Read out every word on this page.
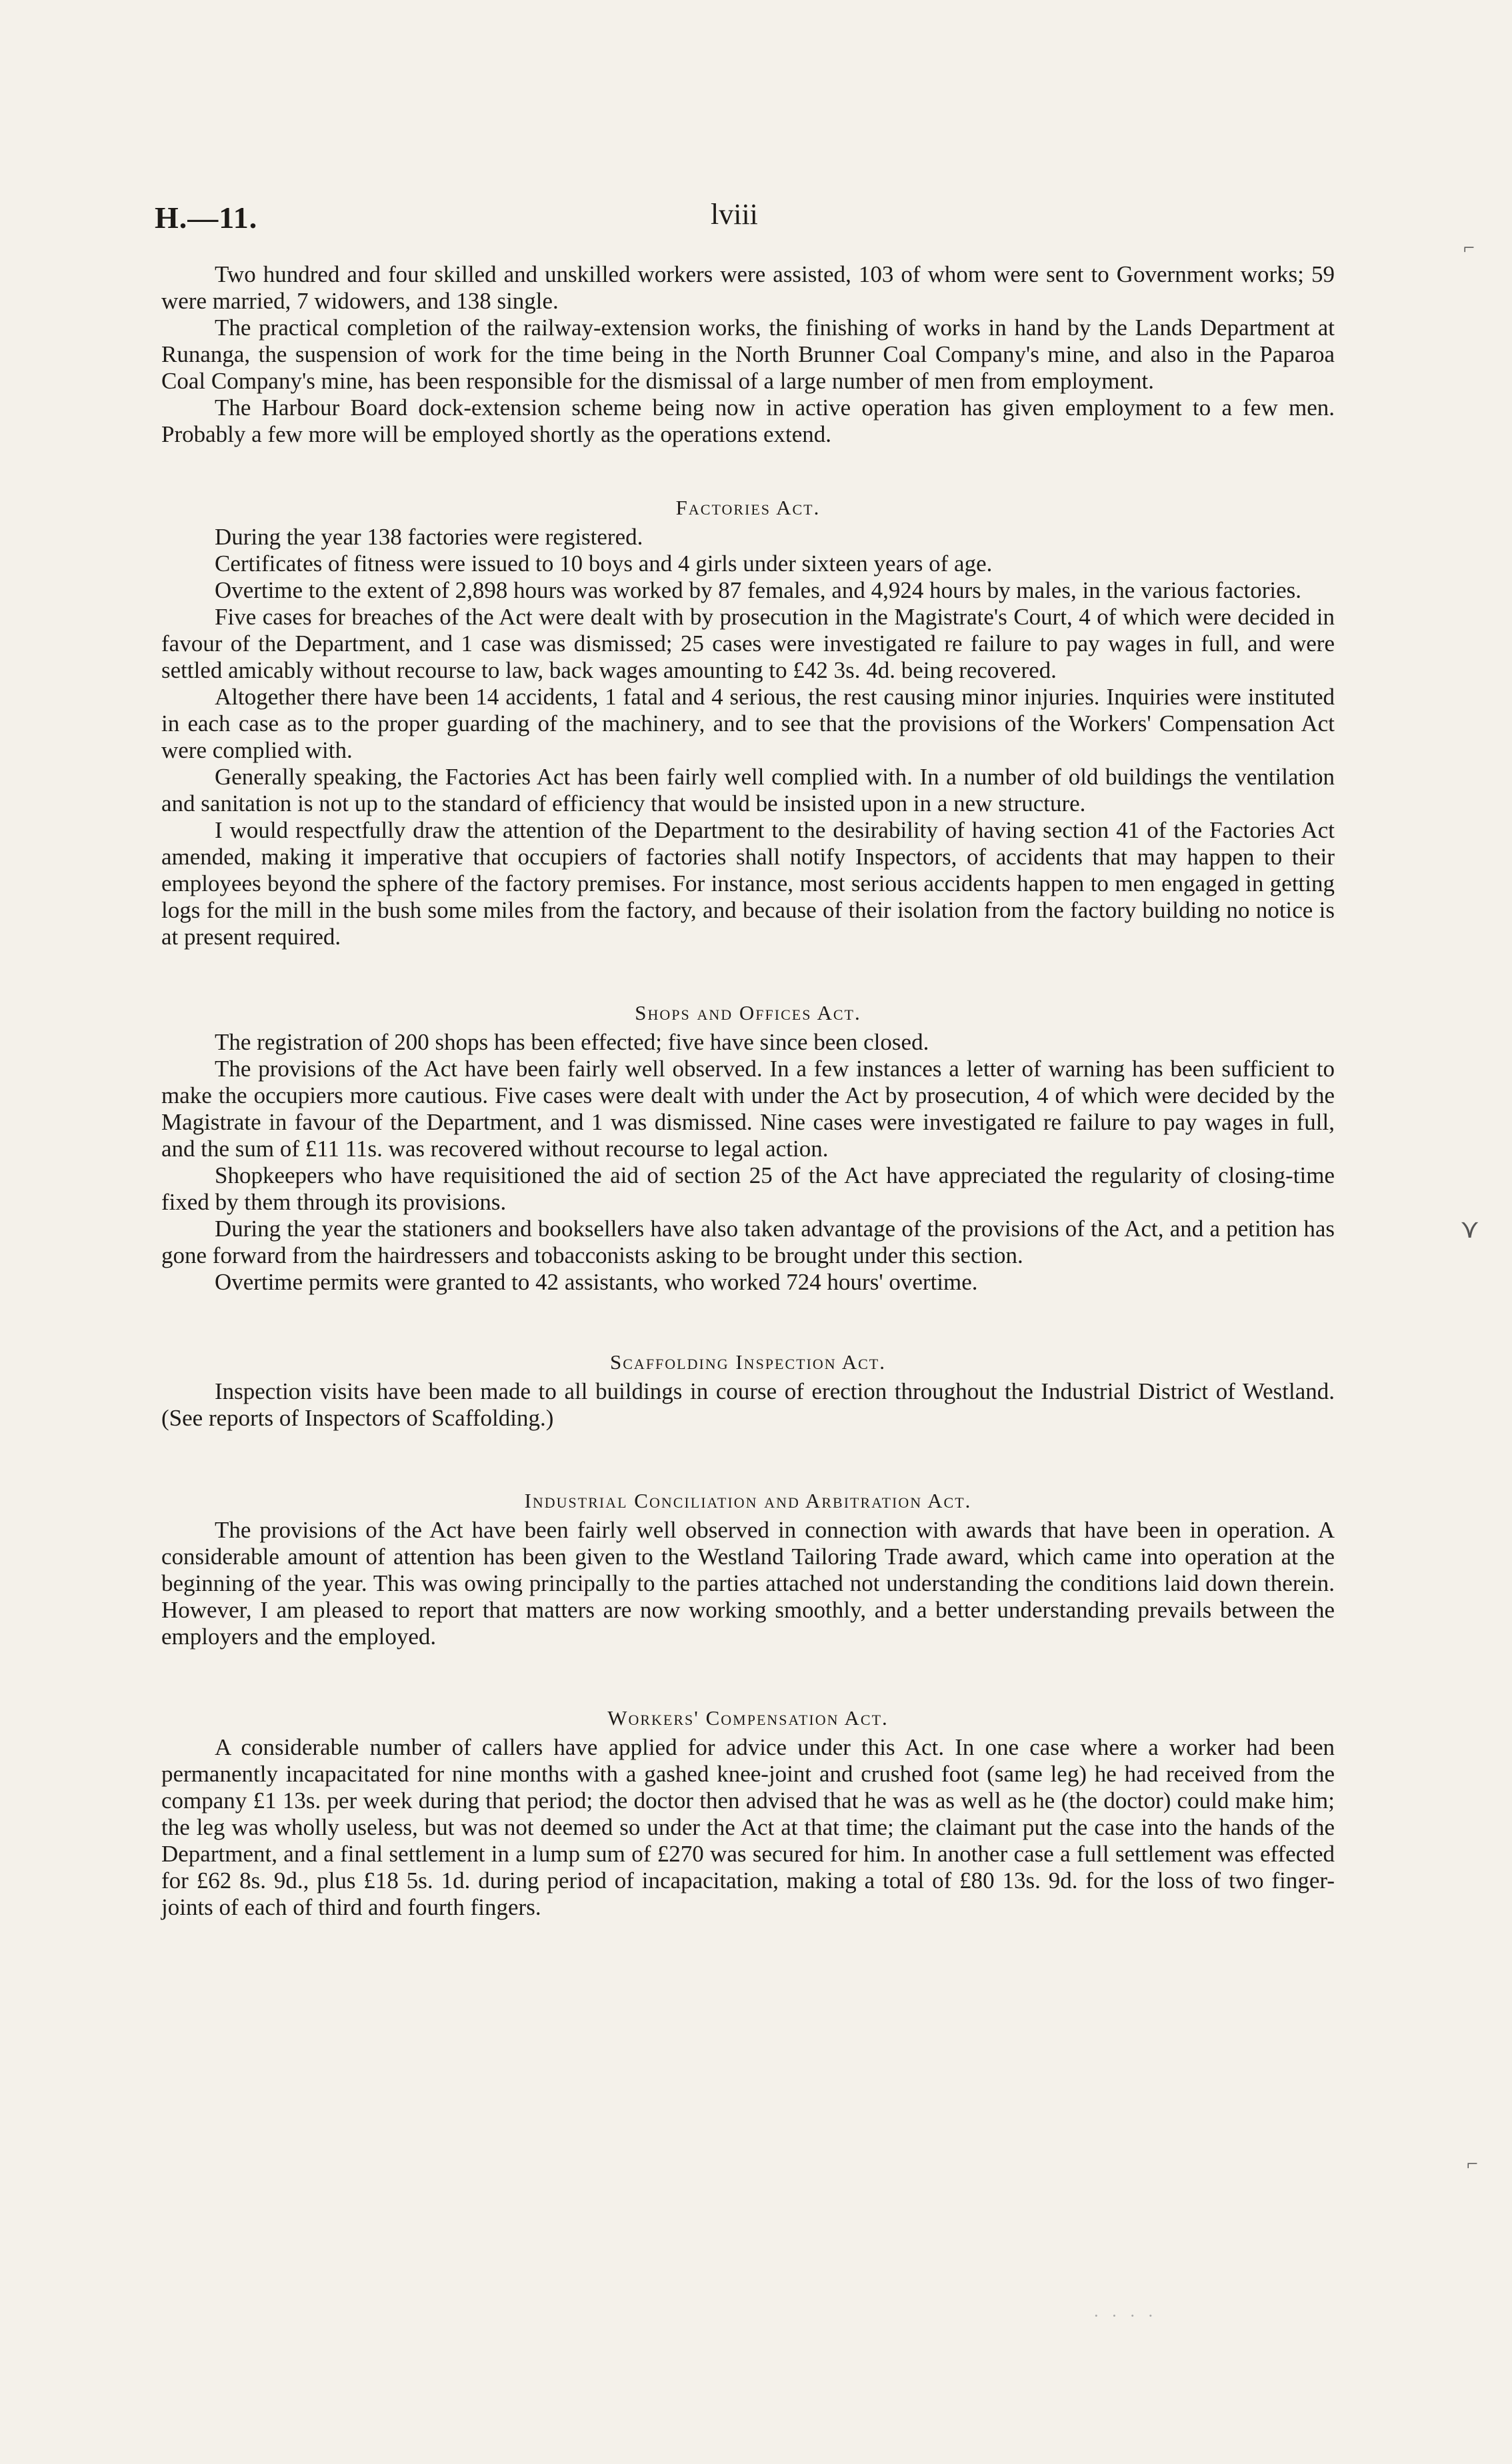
H.—11.	lviii
⌐
⋎
⌐

Two hundred and four skilled and unskilled workers were assisted, 103 of whom were sent to Government works; 59 were married, 7 widowers, and 138 single.

The practical completion of the railway-extension works, the finishing of works in hand by the Lands Department at Runanga, the suspension of work for the time being in the North Brunner Coal Company's mine, and also in the Paparoa Coal Company's mine, has been responsible for the dismissal of a large number of men from employment.

The Harbour Board dock-extension scheme being now in active operation has given employment to a few men. Probably a few more will be employed shortly as the operations extend.

Factories Act.

During the year 138 factories were registered.

Certificates of fitness were issued to 10 boys and 4 girls under sixteen years of age.

Overtime to the extent of 2,898 hours was worked by 87 females, and 4,924 hours by males, in the various factories.

Five cases for breaches of the Act were dealt with by prosecution in the Magistrate's Court, 4 of which were decided in favour of the Department, and 1 case was dismissed; 25 cases were investigated re failure to pay wages in full, and were settled amicably without recourse to law, back wages amounting to £42 3s. 4d. being recovered.

Altogether there have been 14 accidents, 1 fatal and 4 serious, the rest causing minor injuries. Inquiries were instituted in each case as to the proper guarding of the machinery, and to see that the provisions of the Workers' Compensation Act were complied with.

Generally speaking, the Factories Act has been fairly well complied with. In a number of old buildings the ventilation and sanitation is not up to the standard of efficiency that would be insisted upon in a new structure.

I would respectfully draw the attention of the Department to the desirability of having section 41 of the Factories Act amended, making it imperative that occupiers of factories shall notify Inspectors, of accidents that may happen to their employees beyond the sphere of the factory premises. For instance, most serious accidents happen to men engaged in getting logs for the mill in the bush some miles from the factory, and because of their isolation from the factory building no notice is at present required.

Shops and Offices Act.

The registration of 200 shops has been effected; five have since been closed.

The provisions of the Act have been fairly well observed. In a few instances a letter of warning has been sufficient to make the occupiers more cautious. Five cases were dealt with under the Act by prosecution, 4 of which were decided by the Magistrate in favour of the Department, and 1 was dismissed. Nine cases were investigated re failure to pay wages in full, and the sum of £11 11s. was recovered without recourse to legal action.

Shopkeepers who have requisitioned the aid of section 25 of the Act have appreciated the regularity of closing-time fixed by them through its provisions.

During the year the stationers and booksellers have also taken advantage of the provisions of the Act, and a petition has gone forward from the hairdressers and tobacconists asking to be brought under this section.

Overtime permits were granted to 42 assistants, who worked 724 hours' overtime.

Scaffolding Inspection Act.

Inspection visits have been made to all buildings in course of erection throughout the Industrial District of Westland. (See reports of Inspectors of Scaffolding.)

Industrial Conciliation and Arbitration Act.

The provisions of the Act have been fairly well observed in connection with awards that have been in operation. A considerable amount of attention has been given to the Westland Tailoring Trade award, which came into operation at the beginning of the year. This was owing principally to the parties attached not understanding the conditions laid down therein. However, I am pleased to report that matters are now working smoothly, and a better understanding prevails between the employers and the employed.

Workers' Compensation Act.

A considerable number of callers have applied for advice under this Act. In one case where a worker had been permanently incapacitated for nine months with a gashed knee-joint and crushed foot (same leg) he had received from the company £1 13s. per week during that period; the doctor then advised that he was as well as he (the doctor) could make him; the leg was wholly useless, but was not deemed so under the Act at that time; the claimant put the case into the hands of the Department, and a final settlement in a lump sum of £270 was secured for him. In another case a full settlement was effected for £62 8s. 9d., plus £18 5s. 1d. during period of incapacitation, making a total of £80 13s. 9d. for the loss of two finger-joints of each of third and fourth fingers.

· · · ·
